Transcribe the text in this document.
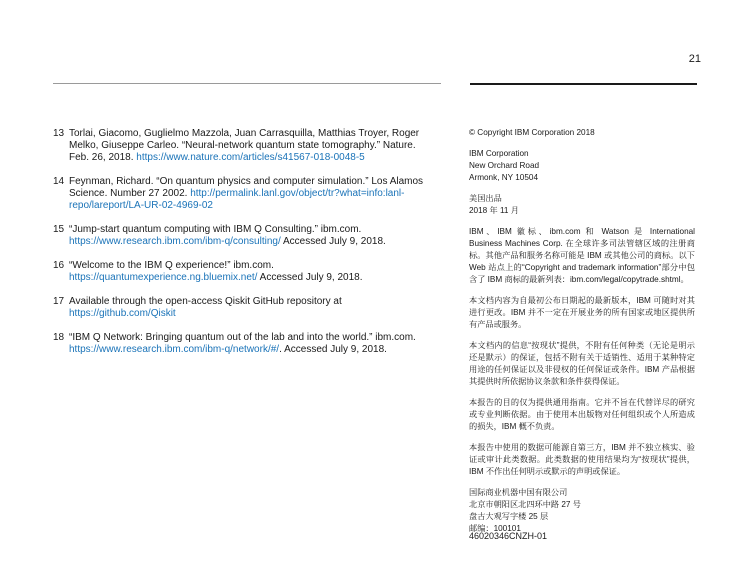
21
13 Torlai, Giacomo, Guglielmo Mazzola, Juan Carrasquilla, Matthias Troyer, Roger Melko, Giuseppe Carleo. “Neural-network quantum state tomography.” Nature. Feb. 26, 2018. https://www.nature.com/articles/s41567-018-0048-5
14 Feynman, Richard. “On quantum physics and computer simulation.” Los Alamos Science. Number 27 2002. http://permalink.lanl.gov/object/tr?what=info:lanl-repo/lareport/LA-UR-02-4969-02
15 “Jump-start quantum computing with IBM Q Consulting.” ibm.com. https://www.research.ibm.com/ibm-q/consulting/ Accessed July 9, 2018.
16 “Welcome to the IBM Q experience!” ibm.com. https://quantumexperience.ng.bluemix.net/ Accessed July 9, 2018.
17 Available through the open-access Qiskit GitHub repository at https://github.com/Qiskit
18 “IBM Q Network: Bringing quantum out of the lab and into the world.” ibm.com. https://www.research.ibm.com/ibm-q/network/#/. Accessed July 9, 2018.

© Copyright IBM Corporation 2018

IBM Corporation
New Orchard Road
Armonk, NY 10504

美国出品
2018 年 11 月

IBM、IBM 徽标、ibm.com 和 Watson 是 International Business Machines Corp. 在全球许多司法管辖区域的注册商标。其他产品和服务名称可能是 IBM 或其他公司的商标。以下 Web 站点上的“Copyright and trademark information”部分中包含了 IBM 商标的最新列表：ibm.com/legal/copytrade.shtml。

本文档内容为自最初公布日期起的最新版本，IBM 可随时对其进行更改。IBM 并不一定在开展业务的所有国家或地区提供所有产品或服务。

本文档内的信息“按现状”提供，不附有任何种类（无论是明示还是默示）的保证，包括不附有关于适销性、适用于某种特定用途的任何保证以及非侵权的任何保证或条件。IBM 产品根据其提供时所依据协议条款和条件获得保证。

本报告的目的仅为提供通用指南。它并不旨在代替详尽的研究或专业判断依据。由于使用本出版物对任何组织或个人所造成的损失，IBM 概不负责。

本报告中使用的数据可能源自第三方，IBM 并不独立核实、验证或审计此类数据。此类数据的使用结果均为“按现状”提供，IBM 不作出任何明示或默示的声明或保证。

国际商业机器中国有限公司
北京市朝阳区北四环中路 27 号
盘古大观写字楼 25 层
邮编：100101

46020346CNZH-01
